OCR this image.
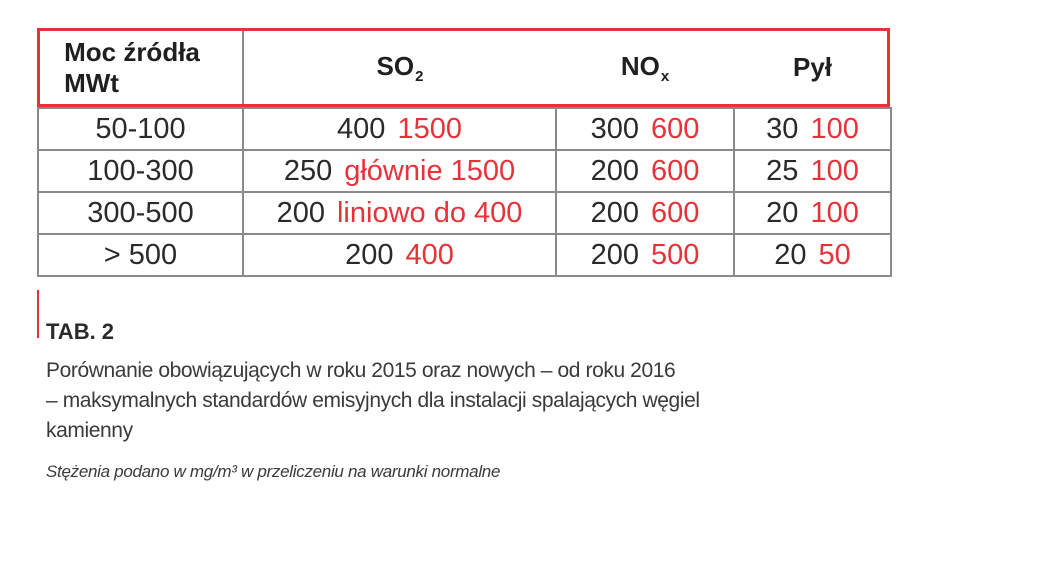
Moc źródła
MWt	$SO_2$	$NO_x$	Pył
50-100	400 1500	300 600	30 100
100-300	250 głównie 1500	200 600	25 100
300-500	200 liniowo do 400	200 600	20 100
> 500	200 400	200 500	20 50
TAB. 2
Porównanie obowiązujących w roku 2015 oraz nowych – od roku 2016
– maksymalnych standardów emisyjnych dla instalacji spalających węgiel
kamienny
Stężenia podano w mg/m³ w przeliczeniu na warunki normalne
